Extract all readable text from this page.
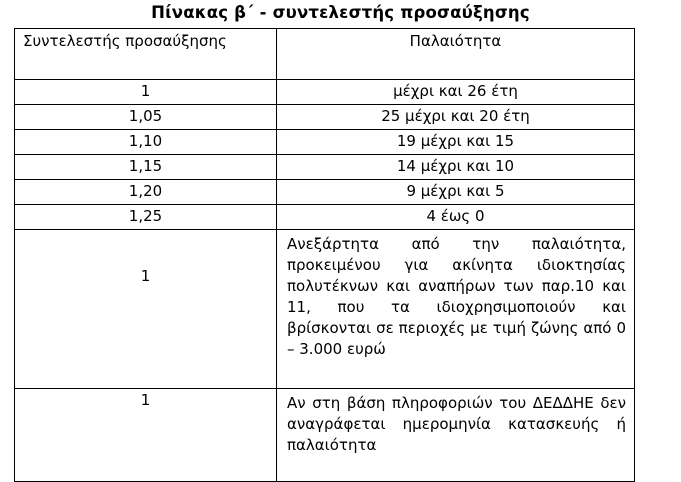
Πίνακας β΄ - συντελεστής προσαύξησης
Συντελεστής προσαύξησης	Παλαιότητα
1	μέχρι και 26 έτη
1,05	25 μέχρι και 20 έτη
1,10	19 μέχρι και 15
1,15	14 μέχρι και 10
1,20	9 μέχρι και 5
1,25	4 έως 0
1	Ανεξάρτητα από την παλαιότητα, προκειμένου για ακίνητα ιδιοκτησίας πολυτέκνων και αναπήρων των παρ.10 και 11, που τα ιδιοχρησιμοποιούν και βρίσκονται σε περιοχές με τιμή ζώνης από 0 – 3.000 ευρώ

1	Αν στη βάση πληροφοριών του ΔΕΔΔΗΕ δεν αναγράφεται ημερομηνία κατασκευής ή παλαιότητα
